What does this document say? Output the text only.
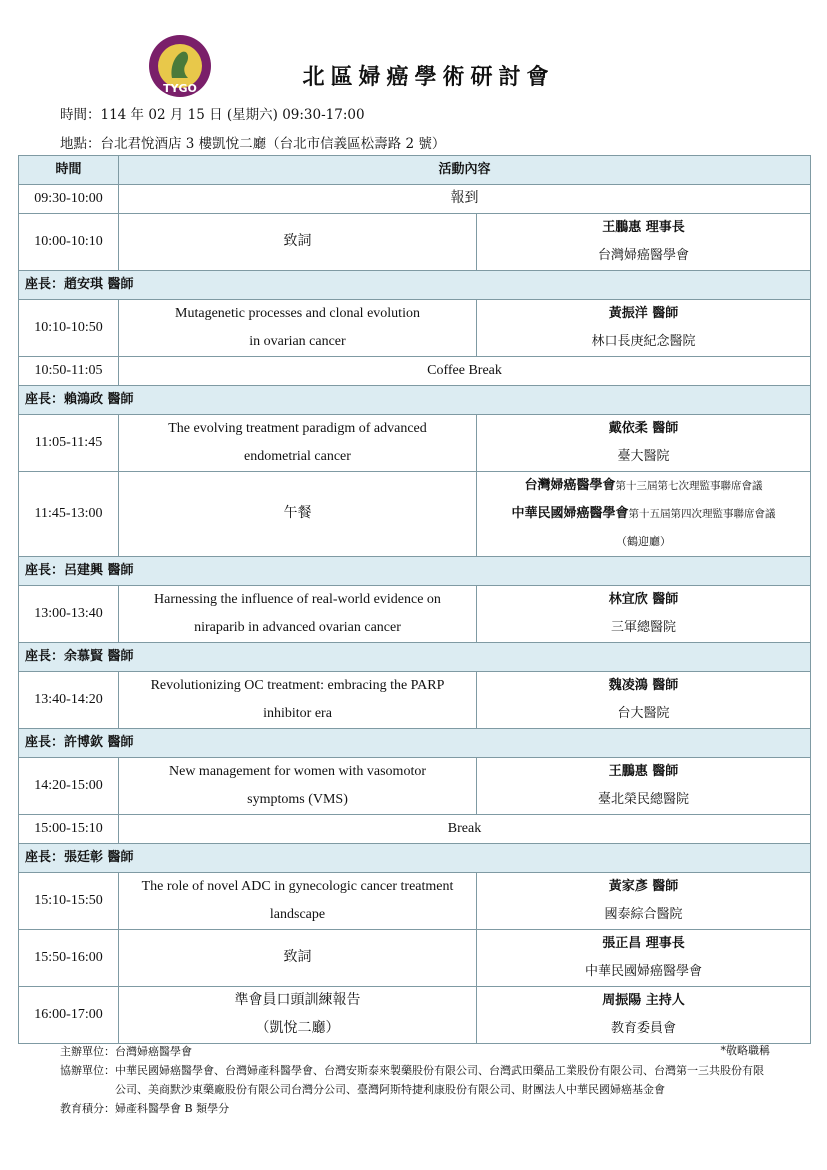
TYGO	北區婦癌學術研討會
時間：114 年 02 月 15 日 (星期六) 09:30-17:00
地點：台北君悅酒店 3 樓凱悅二廳（台北市信義區松壽路 2 號）
時間	活動內容	
09:30-10:00	報到	
10:00-10:10	致詞	王鵬惠 理事長
台灣婦癌醫學會

座長：趙安琪 醫師		
10:10-10:50	Mutagenetic processes and clonal evolution
in ovarian cancer	黃振洋 醫師
林口長庚紀念醫院

10:50-11:05	Coffee Break	
座長：賴鴻政 醫師		
11:05-11:45	The evolving treatment paradigm of advanced
endometrial cancer	戴依柔 醫師
臺大醫院

11:45-13:00	午餐	台灣婦癌醫學會第十三屆第七次理監事聯席會議
中華民國婦癌醫學會第十五屆第四次理監事聯席會議
（鶴迎廳）

座長：呂建興 醫師		
13:00-13:40	Harnessing the influence of real-world evidence on
niraparib in advanced ovarian cancer	林宜欣 醫師
三軍總醫院

座長：余慕賢 醫師		
13:40-14:20	Revolutionizing OC treatment: embracing the PARP
inhibitor era	魏凌鴻 醫師
台大醫院

座長：許博欽 醫師		
14:20-15:00	New management for women with vasomotor
symptoms (VMS)	王鵬惠 醫師
臺北榮民總醫院

15:00-15:10	Break	
座長：張廷彰 醫師		
15:10-15:50	The role of novel ADC in gynecologic cancer treatment
landscape	黃家彥 醫師
國泰綜合醫院

15:50-16:00	致詞	張正昌 理事長
中華民國婦癌醫學會

16:00-17:00	準會員口頭訓練報告
（凱悅二廳）	周振陽 主持人
教育委員會
主辦單位： 台灣婦癌醫學會
協辦單位： 中華民國婦癌醫學會、台灣婦產科醫學會、台灣安斯泰來製藥股份有限公司、台灣武田藥品工業股份有限公司、台灣第一三共股份有限公司、美商默沙東藥廠股份有限公司台灣分公司、臺灣阿斯特捷利康股份有限公司、財團法人中華民國婦癌基金會
教育積分： 婦產科醫學會 B 類學分
*敬略職稱
